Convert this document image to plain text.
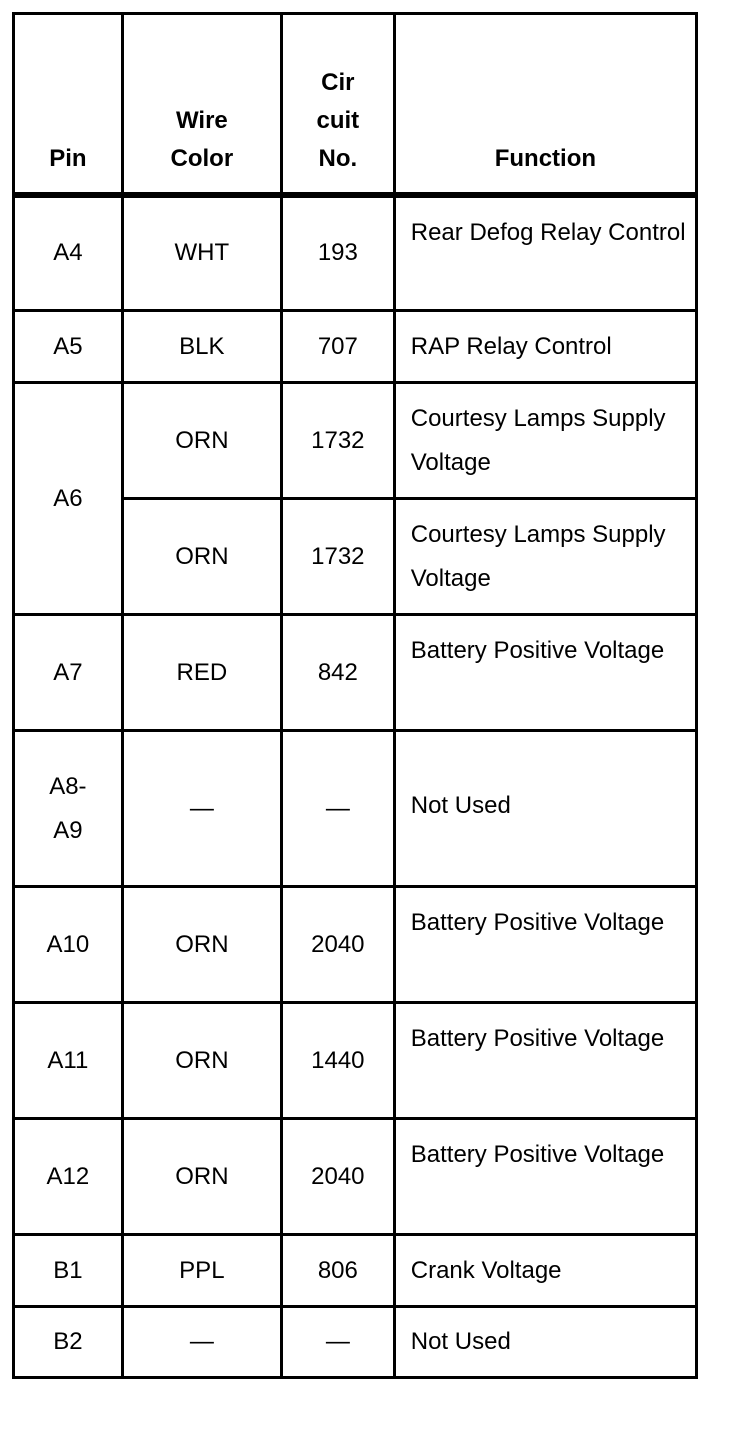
Pin	Wire Color	Cir cuit No.	Function
A4	WHT	193	Rear Defog Relay Control
A5	BLK	707	RAP Relay Control
A6	ORN	1732	Courtesy Lamps Supply Voltage
	ORN	1732	Courtesy Lamps Supply Voltage
A7	RED	842	Battery Positive Voltage
A8-A9	—	—	Not Used
A10	ORN	2040	Battery Positive Voltage
A11	ORN	1440	Battery Positive Voltage
A12	ORN	2040	Battery Positive Voltage
B1	PPL	806	Crank Voltage
B2	—	—	Not Used
